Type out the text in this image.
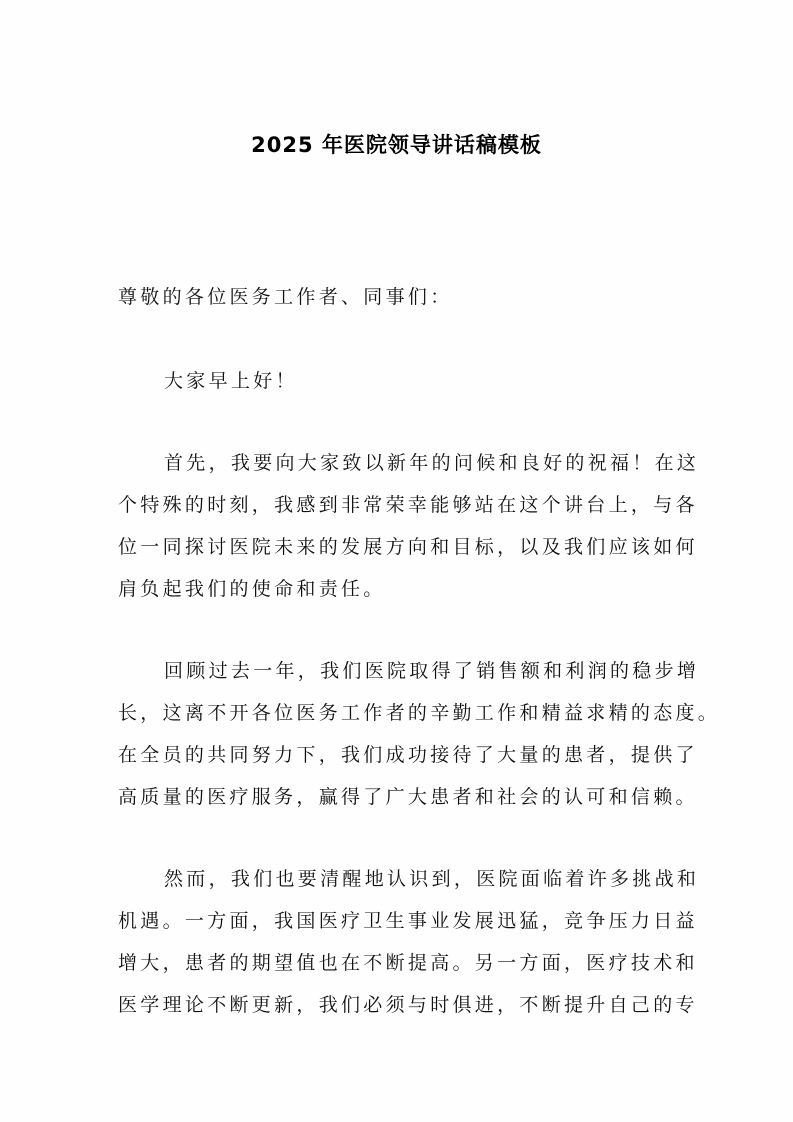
2025 年医院领导讲话稿模板
尊敬的各位医务工作者、同事们：
大家早上好！
首先，我要向大家致以新年的问候和良好的祝福！在这
个特殊的时刻，我感到非常荣幸能够站在这个讲台上，与各
位一同探讨医院未来的发展方向和目标，以及我们应该如何
肩负起我们的使命和责任。
回顾过去一年，我们医院取得了销售额和利润的稳步增
长，这离不开各位医务工作者的辛勤工作和精益求精的态度。
在全员的共同努力下，我们成功接待了大量的患者，提供了
高质量的医疗服务，赢得了广大患者和社会的认可和信赖。
然而，我们也要清醒地认识到，医院面临着许多挑战和
机遇。一方面，我国医疗卫生事业发展迅猛，竞争压力日益
增大，患者的期望值也在不断提高。另一方面，医疗技术和
医学理论不断更新，我们必须与时俱进，不断提升自己的专
